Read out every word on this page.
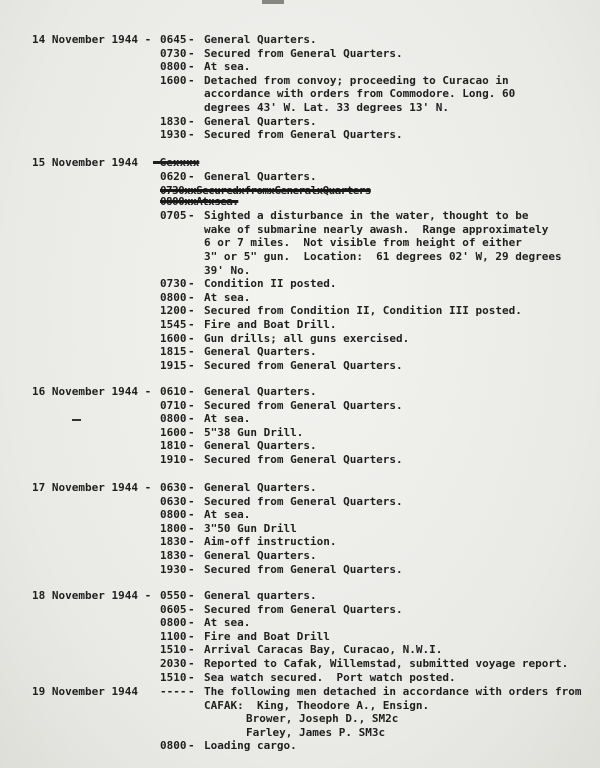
14 November 1944 - 0645 - General Quarters.
0730 - Secured from General Quarters.
0800 - At sea.
1600 - Detached from convoy; proceeding to Curacao in
accordance with orders from Commodore. Long. 60
degrees 43' W. Lat. 33 degrees 13' N.
1830 - General Quarters.
1930 - Secured from General Quarters.
15 November 1944 -Gexxxx
0620 - General Quarters.
0730xxSecuredxfromxGeneralxQuarters
0800xxAtxsea.
0705 - Sighted a disturbance in the water, thought to be
wake of submarine nearly awash.  Range approximately
6 or 7 miles.  Not visible from height of either
3" or 5" gun.  Location:  61 degrees 02' W, 29 degrees
39' No.
0730 - Condition II posted.
0800 - At sea.
1200 - Secured from Condition II, Condition III posted.
1545 - Fire and Boat Drill.
1600 - Gun drills; all guns exercised.
1815 - General Quarters.
1915 - Secured from General Quarters.
16 November 1944 - 0610 - General Quarters.
0710 - Secured from General Quarters.
0800 - At sea.
1600 - 5"38 Gun Drill.
1810 - General Quarters.
1910 - Secured from General Quarters.
17 November 1944 - 0630 - General Quarters.
0630 - Secured from General Quarters.
0800 - At sea.
1800 - 3"50 Gun Drill
1830 - Aim-off instruction.
1830 - General Quarters.
1930 - Secured from General Quarters.
18 November 1944 - 0550 - General quarters.
0605 - Secured from General Quarters.
0800 - At sea.
1100 - Fire and Boat Drill
1510 - Arrival Caracas Bay, Curacao, N.W.I.
2030 - Reported to Cafak, Willemstad, submitted voyage report.
1510 - Sea watch secured.  Port watch posted.
19 November 1944 ---- - The following men detached in accordance with orders from
CAFAK:  King, Theodore A., Ensign.
Brower, Joseph D., SM2c
Farley, James P. SM3c
0800 - Loading cargo.
